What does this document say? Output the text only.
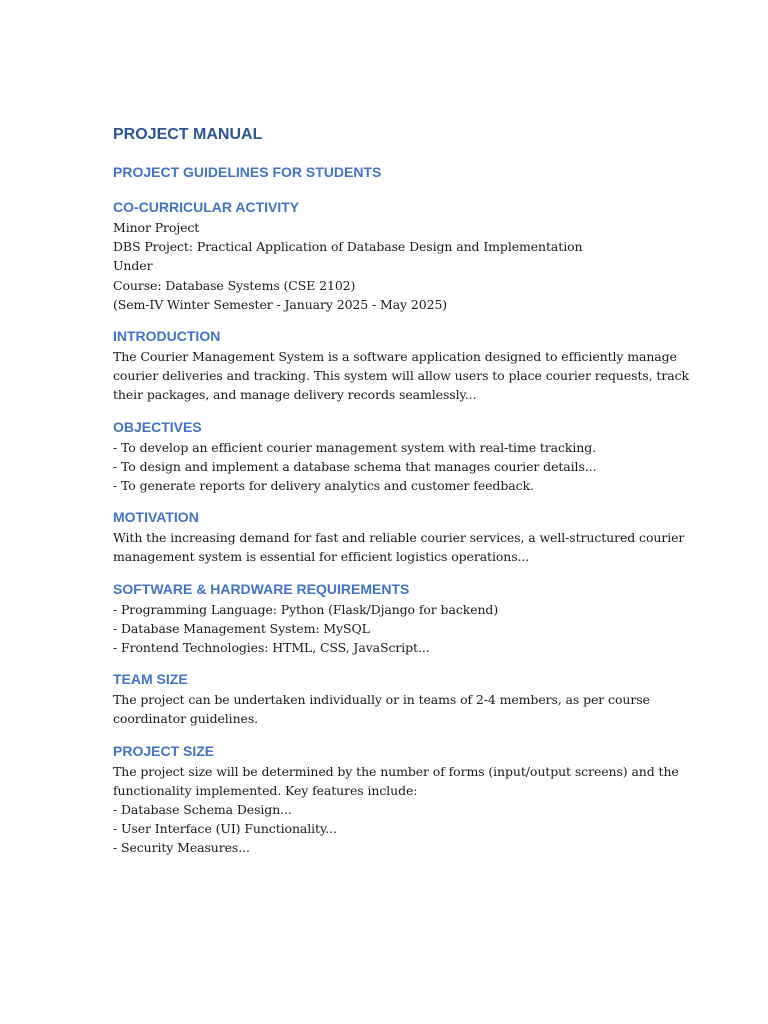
PROJECT MANUAL
PROJECT GUIDELINES FOR STUDENTS
CO-CURRICULAR ACTIVITY
Minor Project
DBS Project: Practical Application of Database Design and Implementation
Under
Course: Database Systems (CSE 2102)
(Sem-IV Winter Semester - January 2025 - May 2025)
INTRODUCTION
The Courier Management System is a software application designed to efficiently manage
courier deliveries and tracking. This system will allow users to place courier requests, track
their packages, and manage delivery records seamlessly...
OBJECTIVES
- To develop an efficient courier management system with real-time tracking.
- To design and implement a database schema that manages courier details...
- To generate reports for delivery analytics and customer feedback.
MOTIVATION
With the increasing demand for fast and reliable courier services, a well-structured courier
management system is essential for efficient logistics operations...
SOFTWARE & HARDWARE REQUIREMENTS
- Programming Language: Python (Flask/Django for backend)
- Database Management System: MySQL
- Frontend Technologies: HTML, CSS, JavaScript...
TEAM SIZE
The project can be undertaken individually or in teams of 2-4 members, as per course
coordinator guidelines.
PROJECT SIZE
The project size will be determined by the number of forms (input/output screens) and the
functionality implemented. Key features include:
- Database Schema Design...
- User Interface (UI) Functionality...
- Security Measures...
